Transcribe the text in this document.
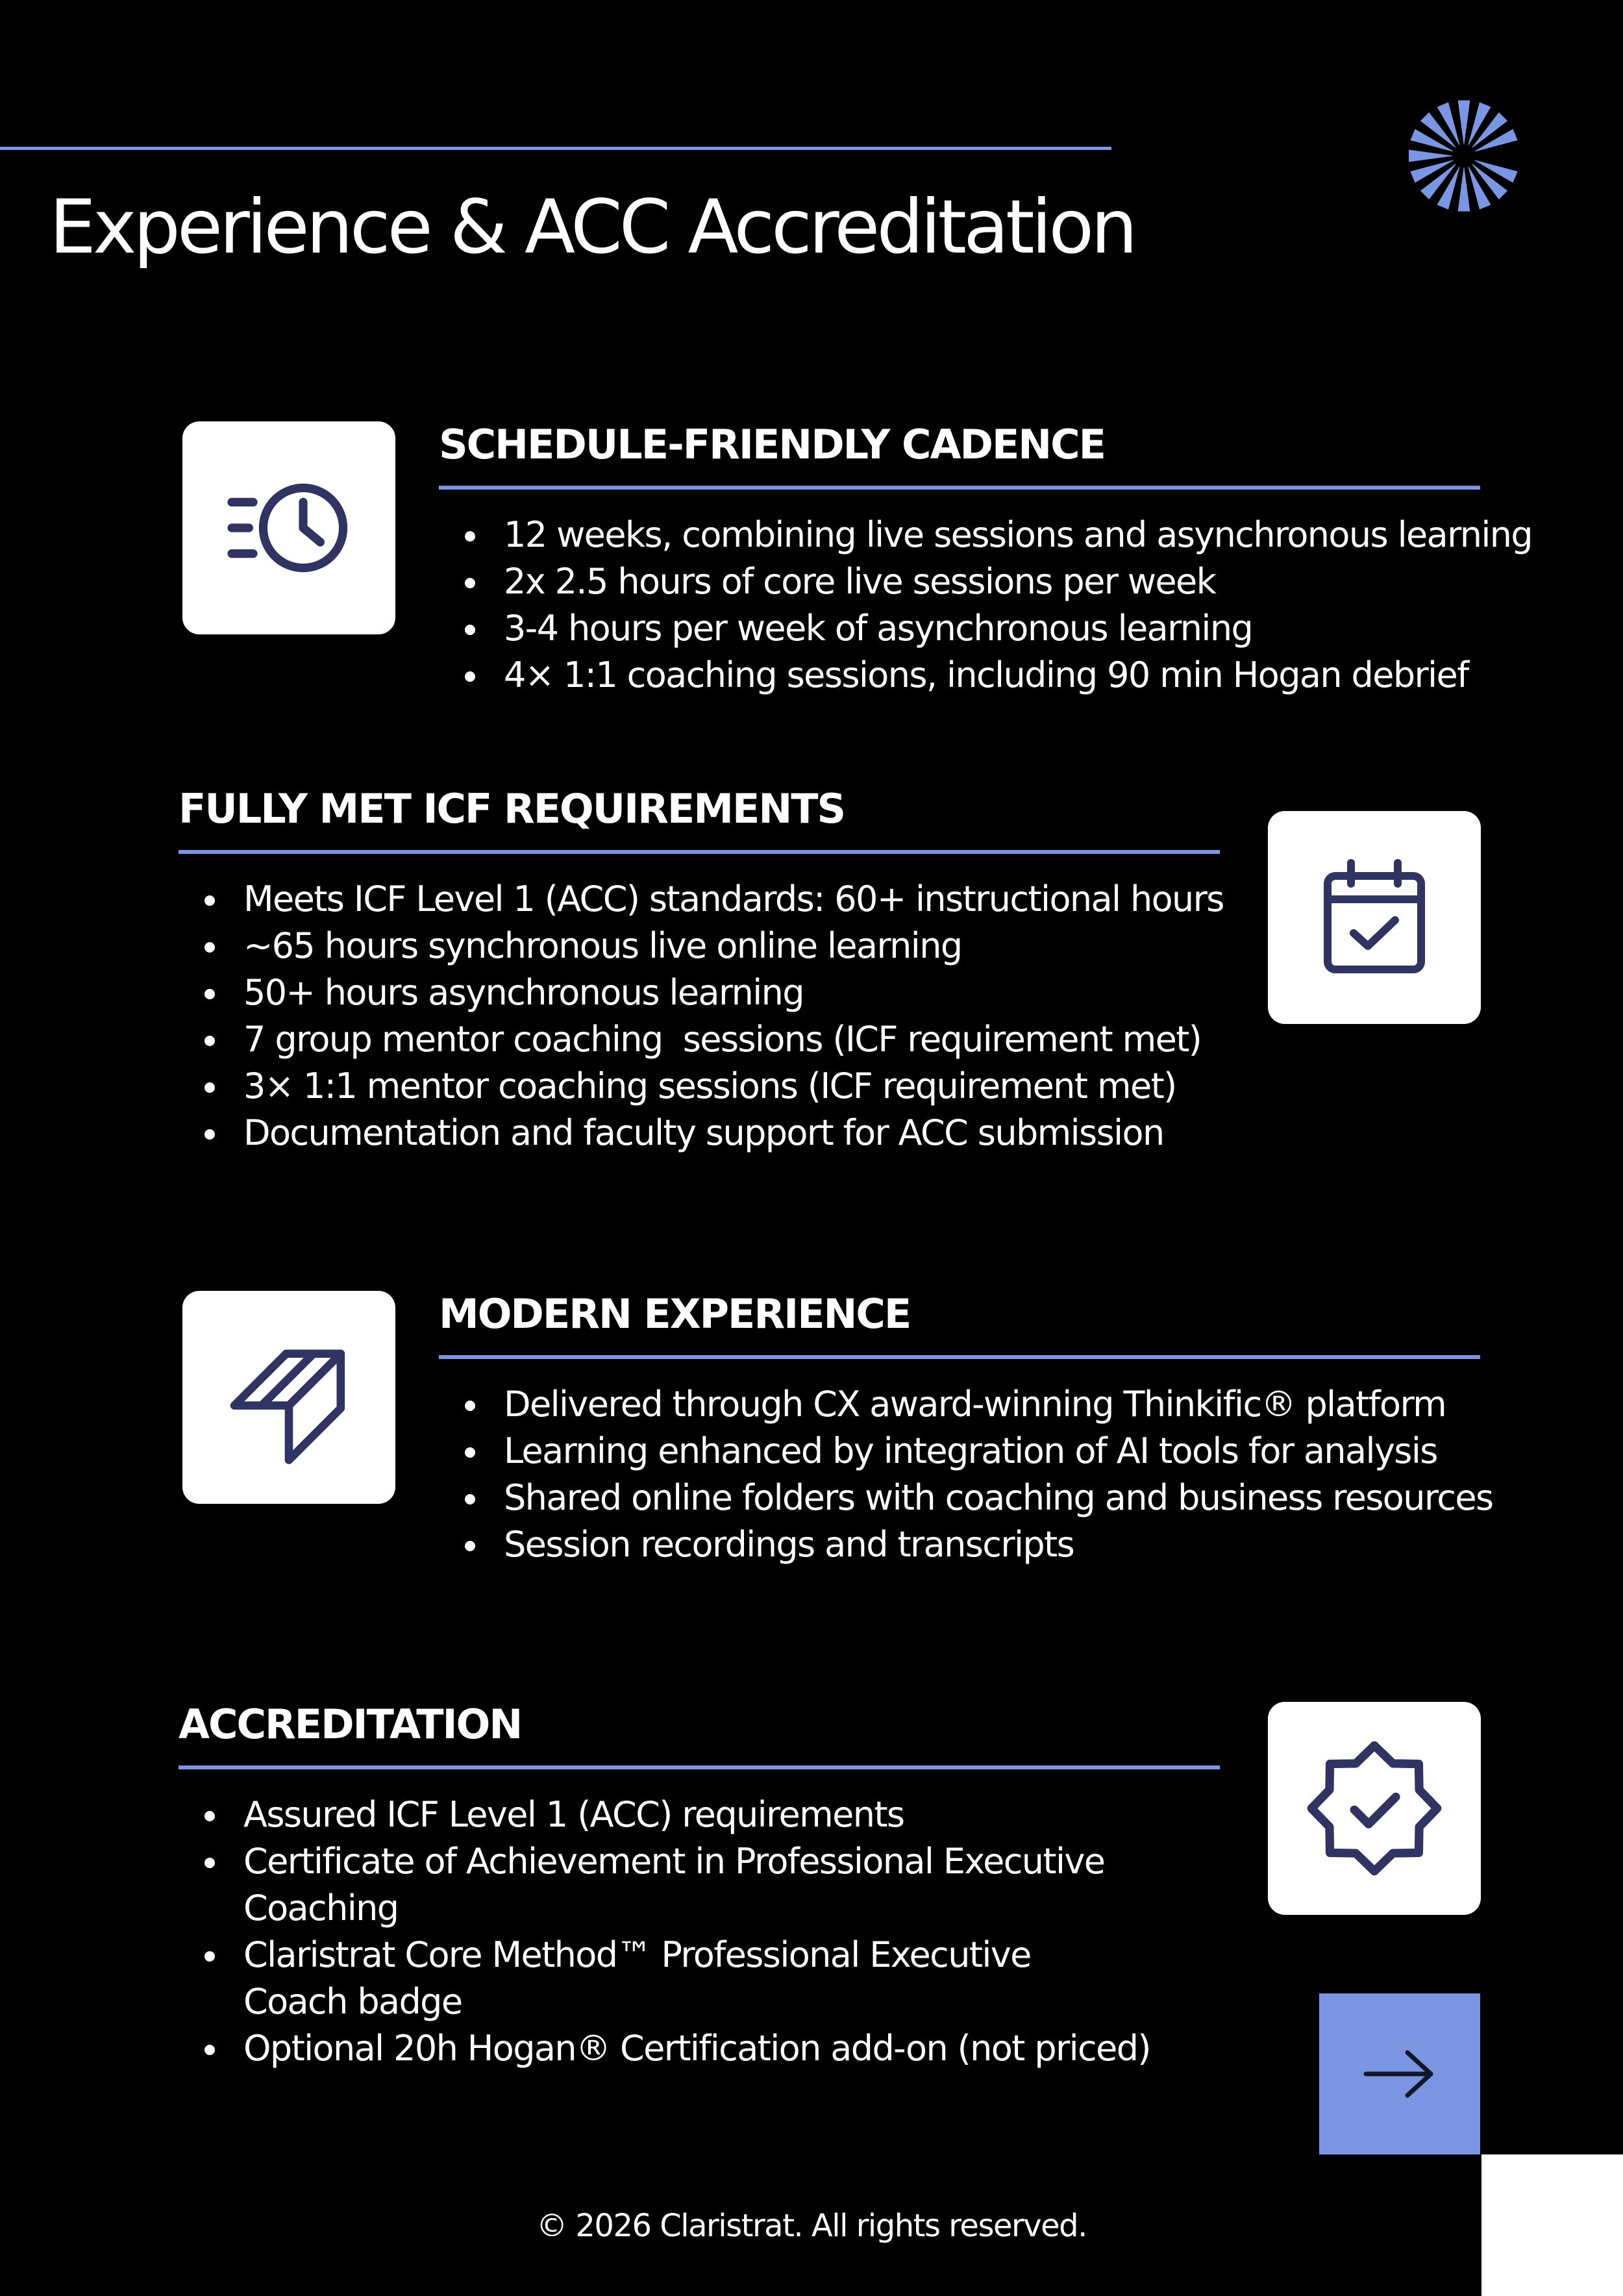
Experience & ACC Accreditation
SCHEDULE-FRIENDLY CADENCE
12 weeks, combining live sessions and asynchronous learning
2x 2.5 hours of core live sessions per week
3-4 hours per week of asynchronous learning
4× 1:1 coaching sessions, including 90 min Hogan debrief
FULLY MET ICF REQUIREMENTS
Meets ICF Level 1 (ACC) standards: 60+ instructional hours
~65 hours synchronous live online learning
50+ hours asynchronous learning
7 group mentor coaching  sessions (ICF requirement met)
3× 1:1 mentor coaching sessions (ICF requirement met)
Documentation and faculty support for ACC submission
MODERN EXPERIENCE
Delivered through CX award-winning Thinkific® platform
Learning enhanced by integration of AI tools for analysis
Shared online folders with coaching and business resources
Session recordings and transcripts
ACCREDITATION
Assured ICF Level 1 (ACC) requirements
Certificate of Achievement in Professional Executive Coaching
Claristrat Core Method™ Professional Executive Coach badge
Optional 20h Hogan® Certification add-on (not priced)
© 2026 Claristrat. All rights reserved.
